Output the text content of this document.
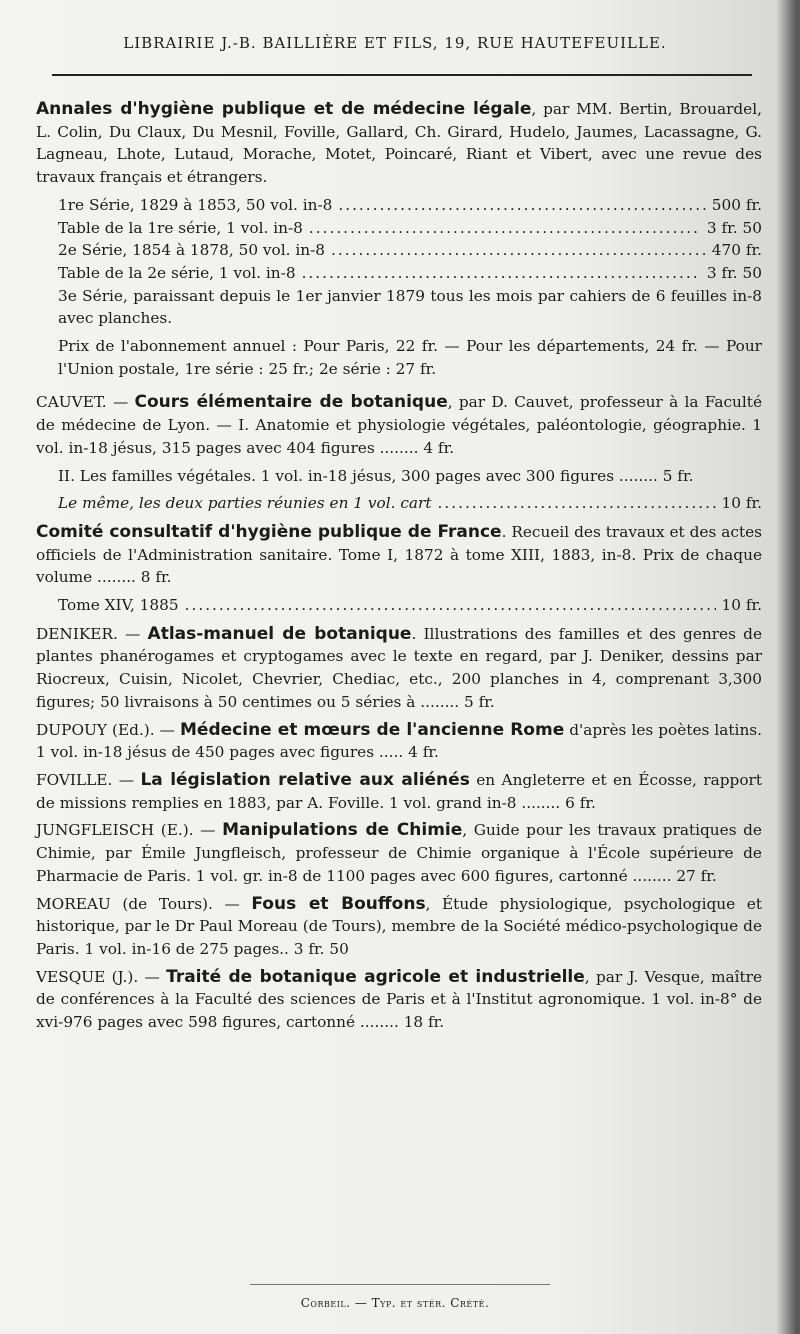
LIBRAIRIE J.-B. BAILLIÈRE ET FILS, 19, RUE HAUTEFEUILLE.
Annales d'hygiène publique et de médecine légale, par MM. Bertin, Brouardel, L. Colin, Du Claux, Du Mesnil, Foville, Gallard, Ch. Girard, Hudelo, Jaumes, Lacassagne, G. Lagneau, Lhote, Lutaud, Morache, Motet, Poincaré, Riant et Vibert, avec une revue des travaux français et étrangers.
1re Série, 1829 à 1853, 50 vol. in-8 .....	500 fr.
Table de la 1re série, 1 vol. in-8 .....	3 fr. 50
2e Série, 1854 à 1878, 50 vol. in-8 .....	470 fr.
Table de la 2e série, 1 vol. in-8 .....	3 fr. 50
3e Série, paraissant depuis le 1er janvier 1879 tous les mois par cahiers de 6 feuilles in-8 avec planches.
Prix de l'abonnement annuel : Pour Paris, 22 fr. — Pour les départements, 24 fr. — Pour l'Union postale, 1re série : 25 fr.; 2e série : 27 fr.
CAUVET. — Cours élémentaire de botanique, par D. Cauvet, professeur à la Faculté de médecine de Lyon. — I. Anatomie et physiologie végétales, paléontologie, géographie. 1 vol. in-18 jésus, 315 pages avec 404 figures ........ 4 fr.
II. Les familles végétales. 1 vol. in-18 jésus, 300 pages avec 300 figures ........ 5 fr.
Le même, les deux parties réunies en 1 vol. cart .....	10 fr.
Comité consultatif d'hygiène publique de France. Recueil des travaux et des actes officiels de l'Administration sanitaire. Tome I, 1872 à tome XIII, 1883, in-8. Prix de chaque volume ........ 8 fr.
Tome XIV, 1885 .....	10 fr.
DENIKER. — Atlas-manuel de botanique. Illustrations des familles et des genres de plantes phanérogames et cryptogames avec le texte en regard, par J. Deniker, dessins par Riocreux, Cuisin, Nicolet, Chevrier, Chediac, etc., 200 planches in 4, comprenant 3,300 figures; 50 livraisons à 50 centimes ou 5 séries à ........ 5 fr.
DUPOUY (Ed.). — Médecine et mœurs de l'ancienne Rome d'après les poètes latins. 1 vol. in-18 jésus de 450 pages avec figures ..... 4 fr.
FOVILLE. — La législation relative aux aliénés en Angleterre et en Écosse, rapport de missions remplies en 1883, par A. Foville. 1 vol. grand in-8 ........ 6 fr.
JUNGFLEISCH (E.). — Manipulations de Chimie, Guide pour les travaux pratiques de Chimie, par Émile Jungfleisch, professeur de Chimie organique à l'École supérieure de Pharmacie de Paris. 1 vol. gr. in-8 de 1100 pages avec 600 figures, cartonné ........ 27 fr.
MOREAU (de Tours). — Fous et Bouffons, Étude physiologique, psychologique et historique, par le Dr Paul Moreau (de Tours), membre de la Société médico-psychologique de Paris. 1 vol. in-16 de 275 pages.. 3 fr. 50
VESQUE (J.). — Traité de botanique agricole et industrielle, par J. Vesque, maître de conférences à la Faculté des sciences de Paris et à l'Institut agronomique. 1 vol. in-8° de xvi-976 pages avec 598 figures, cartonné ........ 18 fr.
Corbeil. — Typ. et stér. Crété.
